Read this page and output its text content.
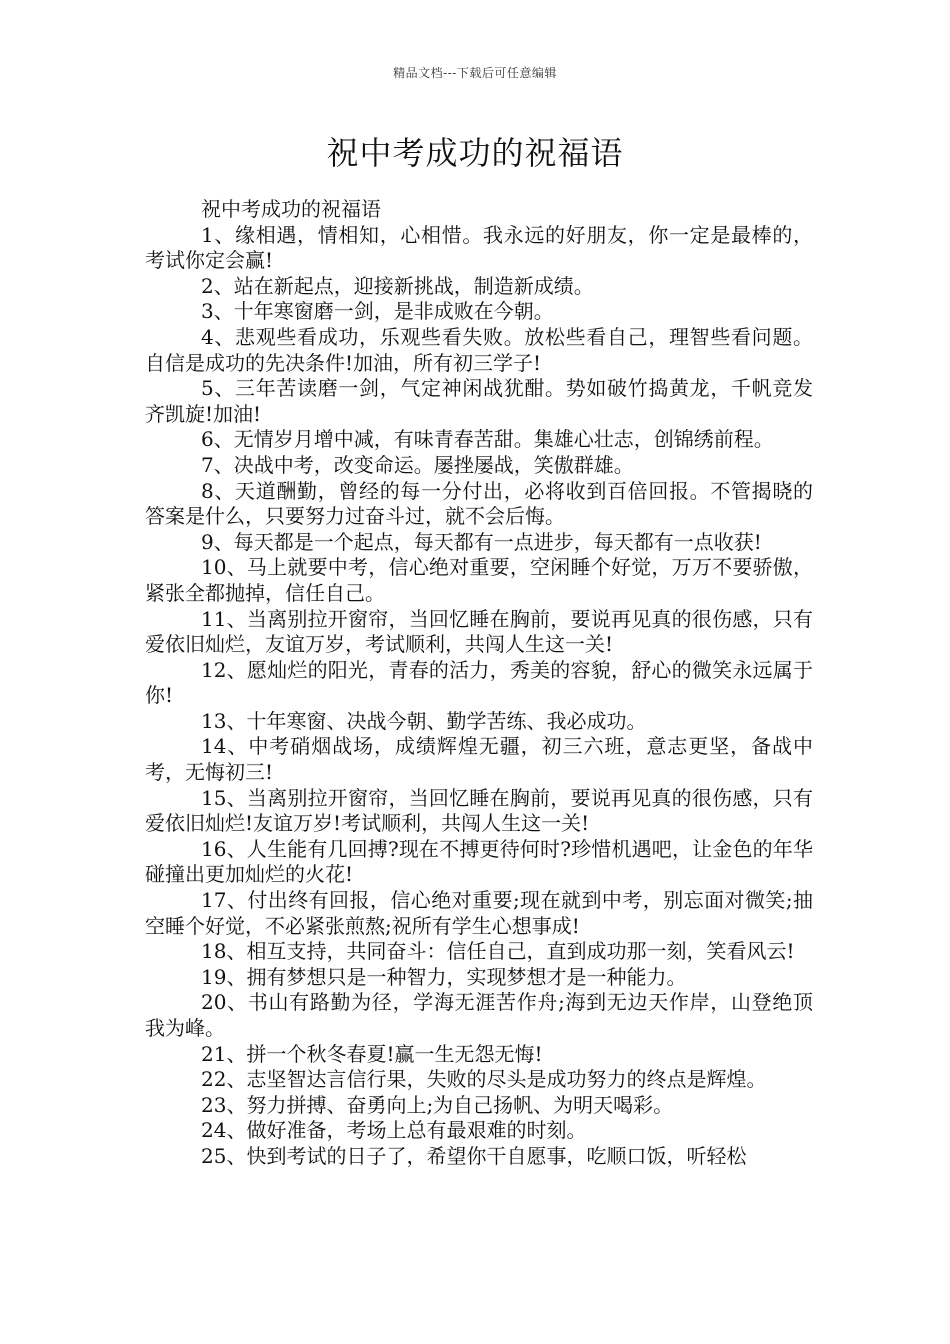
精品文档---下载后可任意编辑
祝中考成功的祝福语

祝中考成功的祝福语

1、缘相遇，情相知，心相惜。我永远的好朋友，你一定是最棒的，考试你定会赢!

2、站在新起点，迎接新挑战，制造新成绩。

3、十年寒窗磨一剑，是非成败在今朝。

4、悲观些看成功，乐观些看失败。放松些看自己，理智些看问题。自信是成功的先决条件!加油，所有初三学子!

5、三年苦读磨一剑，气定神闲战犹酣。势如破竹捣黄龙，千帆竞发齐凯旋!加油!

6、无情岁月增中减，有味青春苦甜。集雄心壮志，创锦绣前程。

7、决战中考，改变命运。屡挫屡战，笑傲群雄。

8、天道酬勤，曾经的每一分付出，必将收到百倍回报。不管揭晓的答案是什么，只要努力过奋斗过，就不会后悔。

9、每天都是一个起点，每天都有一点进步，每天都有一点收获!

10、马上就要中考，信心绝对重要，空闲睡个好觉，万万不要骄傲，紧张全都抛掉，信任自己。

11、当离别拉开窗帘，当回忆睡在胸前，要说再见真的很伤感，只有爱依旧灿烂，友谊万岁，考试顺利，共闯人生这一关!

12、愿灿烂的阳光，青春的活力，秀美的容貌，舒心的微笑永远属于你!

13、十年寒窗、决战今朝、勤学苦练、我必成功。

14、中考硝烟战场，成绩辉煌无疆，初三六班，意志更坚，备战中考，无悔初三!

15、当离别拉开窗帘，当回忆睡在胸前，要说再见真的很伤感，只有爱依旧灿烂!友谊万岁!考试顺利，共闯人生这一关!

16、人生能有几回搏?现在不搏更待何时?珍惜机遇吧，让金色的年华碰撞出更加灿烂的火花!

17、付出终有回报，信心绝对重要;现在就到中考，别忘面对微笑;抽空睡个好觉，不必紧张煎熬;祝所有学生心想事成!

18、相互支持，共同奋斗：信任自己，直到成功那一刻，笑看风云!

19、拥有梦想只是一种智力，实现梦想才是一种能力。

20、书山有路勤为径，学海无涯苦作舟;海到无边天作岸，山登绝顶我为峰。

21、拼一个秋冬春夏!赢一生无怨无悔!

22、志坚智达言信行果，失败的尽头是成功努力的终点是辉煌。

23、努力拼搏、奋勇向上;为自己扬帆、为明天喝彩。

24、做好准备，考场上总有最艰难的时刻。

25、快到考试的日子了，希望你干自愿事，吃顺口饭，听轻松
